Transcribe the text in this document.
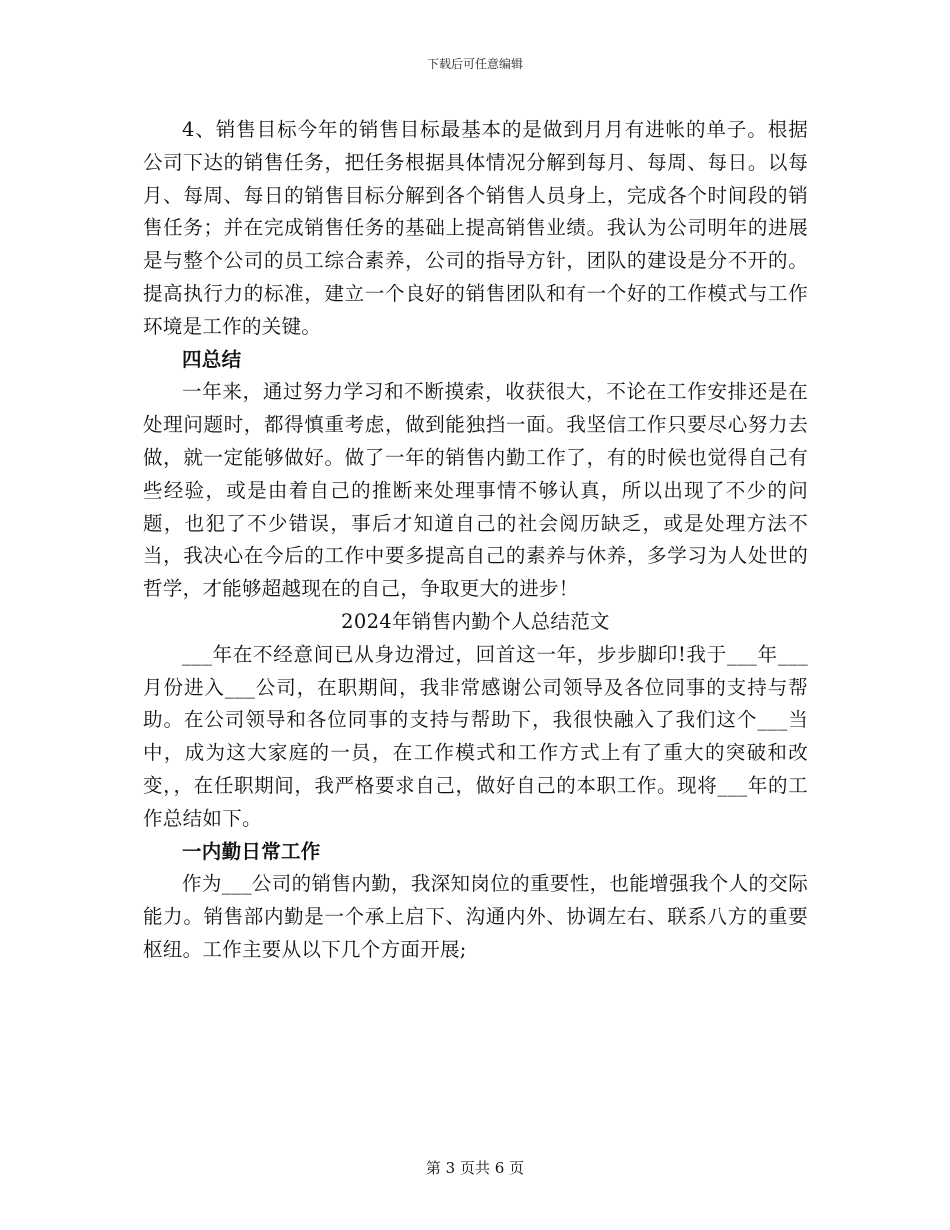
下载后可任意编辑

4、销售目标今年的销售目标最基本的是做到月月有进帐的单子。根据公司下达的销售任务，把任务根据具体情况分解到每月、每周、每日。以每月、每周、每日的销售目标分解到各个销售人员身上，完成各个时间段的销售任务；并在完成销售任务的基础上提高销售业绩。我认为公司明年的进展是与整个公司的员工综合素养，公司的指导方针，团队的建设是分不开的。提高执行力的标准，建立一个良好的销售团队和有一个好的工作模式与工作环境是工作的关键。

四总结

一年来，通过努力学习和不断摸索，收获很大，不论在工作安排还是在处理问题时，都得慎重考虑，做到能独挡一面。我坚信工作只要尽心努力去做，就一定能够做好。做了一年的销售内勤工作了，有的时候也觉得自己有些经验，或是由着自己的推断来处理事情不够认真，所以出现了不少的问题，也犯了不少错误，事后才知道自己的社会阅历缺乏，或是处理方法不当，我决心在今后的工作中要多提高自己的素养与休养，多学习为人处世的哲学，才能够超越现在的自己，争取更大的进步！

2024年销售内勤个人总结范文

___年在不经意间已从身边滑过，回首这一年，步步脚印!我于___年___月份进入___公司，在职期间，我非常感谢公司领导及各位同事的支持与帮助。在公司领导和各位同事的支持与帮助下，我很快融入了我们这个___当中，成为这大家庭的一员，在工作模式和工作方式上有了重大的突破和改变，，在任职期间，我严格要求自己，做好自己的本职工作。现将___年的工作总结如下。

一内勤日常工作

作为___公司的销售内勤，我深知岗位的重要性，也能增强我个人的交际能力。销售部内勤是一个承上启下、沟通内外、协调左右、联系八方的重要枢纽。工作主要从以下几个方面开展;

第 3 页共 6 页
